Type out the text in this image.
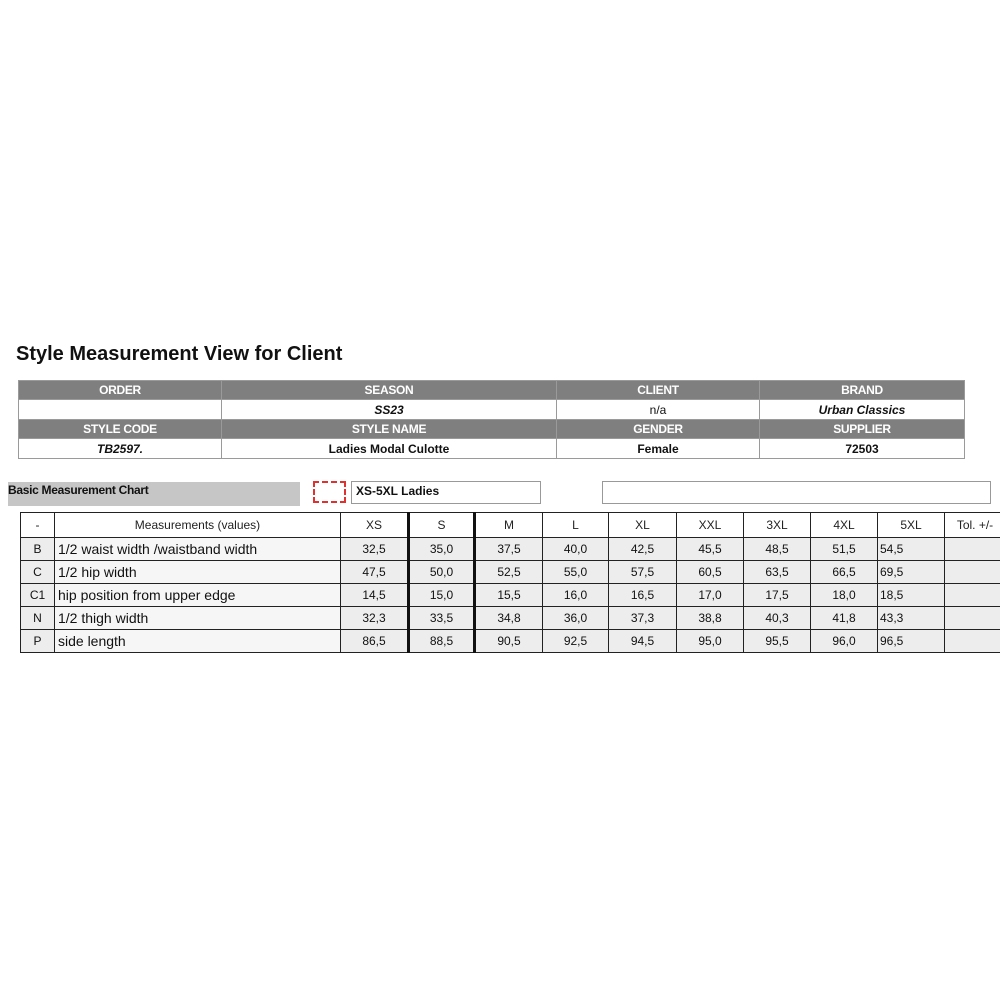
Style Measurement View for Client
ORDER	SEASON	CLIENT	BRAND
	SS23	n/a	Urban Classics
STYLE CODE	STYLE NAME	GENDER	SUPPLIER
TB2597.	Ladies Modal Culotte	Female	72503
Basic Measurement Chart	XS-5XL Ladies
-	Measurements (values)	XS	S	M	L	XL	XXL	3XL	4XL	5XL	Tol. +/-
B	1/2 waist width /waistband width	32,5	35,0	37,5	40,0	42,5	45,5	48,5	51,5	54,5	
C	1/2 hip width	47,5	50,0	52,5	55,0	57,5	60,5	63,5	66,5	69,5	
C1	hip position from upper edge	14,5	15,0	15,5	16,0	16,5	17,0	17,5	18,0	18,5	
N	1/2 thigh width	32,3	33,5	34,8	36,0	37,3	38,8	40,3	41,8	43,3	
P	side length	86,5	88,5	90,5	92,5	94,5	95,0	95,5	96,0	96,5	
